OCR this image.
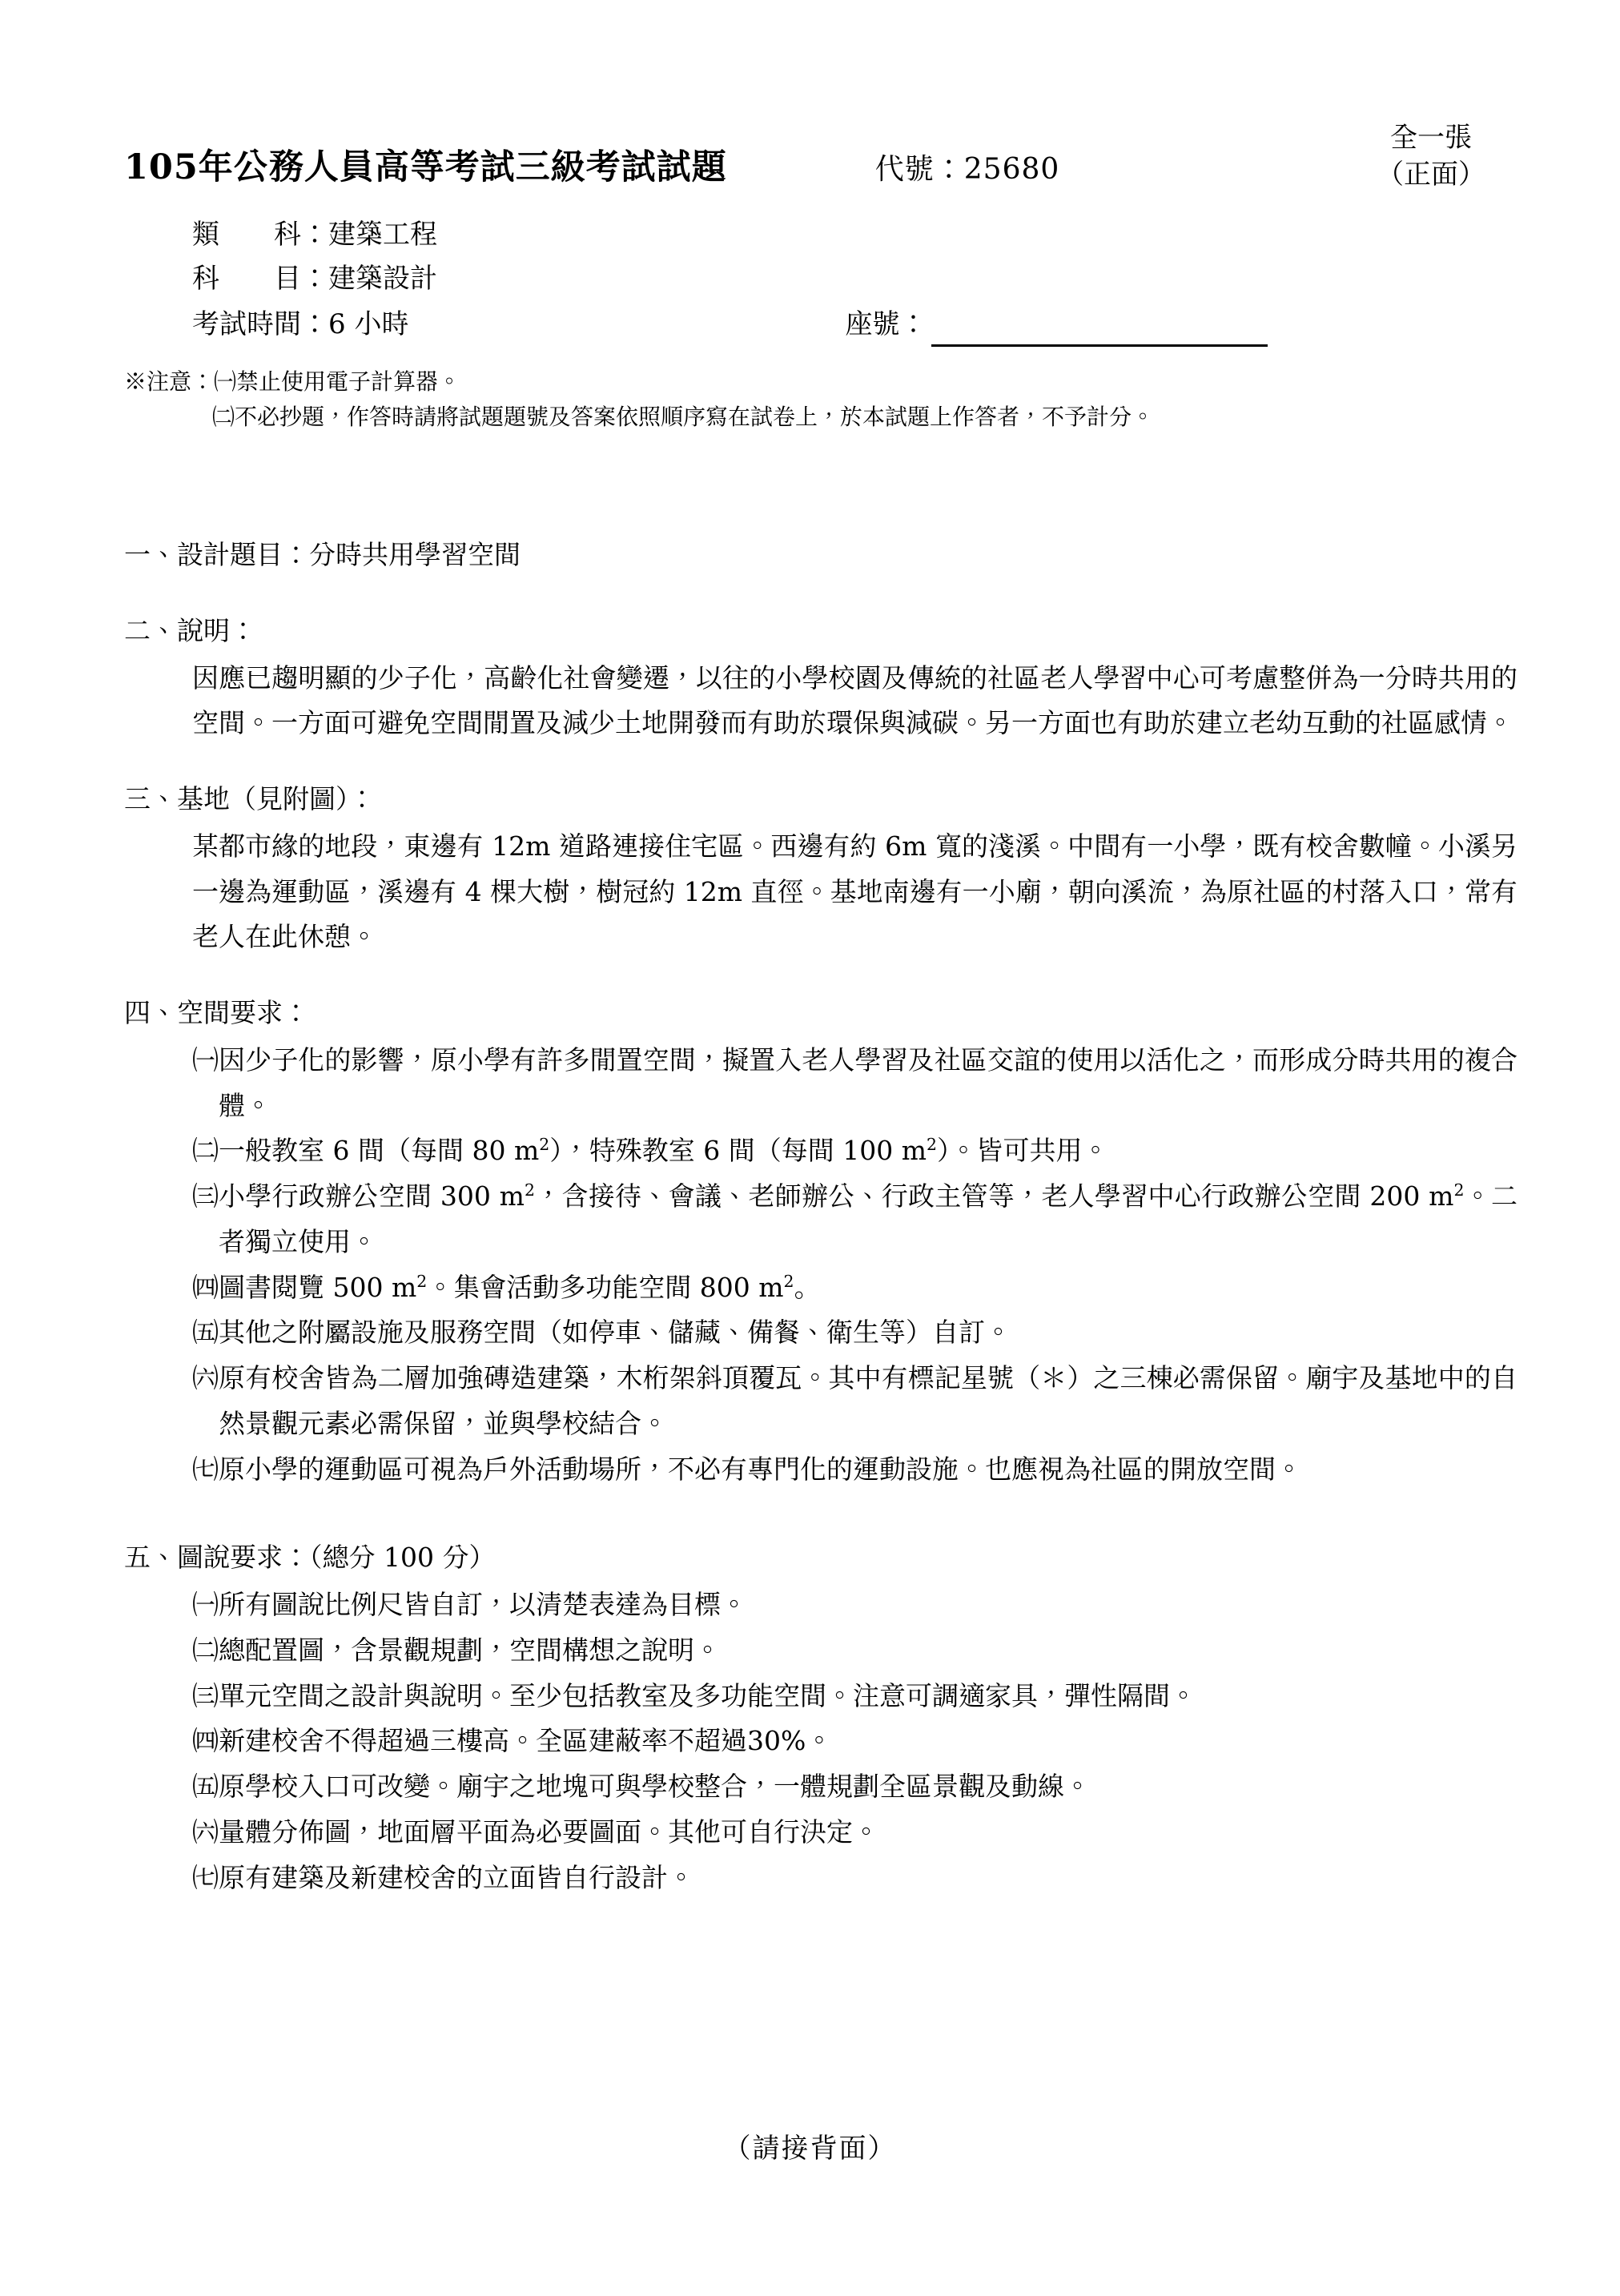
105年公務人員高等考試三級考試試題	代號：25680
全一張
（正面）
類　　科： 建築工程
科　　目： 建築設計
考試時間： 6 小時	座號：
※注意：㈠禁止使用電子計算器。
㈡不必抄題，作答時請將試題題號及答案依照順序寫在試卷上，於本試題上作答者，不予計分。
一、設計題目：分時共用學習空間
二、說明：

因應已趨明顯的少子化，高齡化社會變遷，以往的小學校園及傳統的社區老人學習中心可考慮整併為一分時共用的空間。一方面可避免空間閒置及減少土地開發而有助於環保與減碳。另一方面也有助於建立老幼互動的社區感情。

三、基地（見附圖）：

某都市緣的地段，東邊有 12m 道路連接住宅區。西邊有約 6m 寬的淺溪。中間有一小學，既有校舍數幢。小溪另一邊為運動區，溪邊有 4 棵大樹，樹冠約 12m 直徑。基地南邊有一小廟，朝向溪流，為原社區的村落入口，常有老人在此休憩。

四、空間要求：
㈠ 因少子化的影響，原小學有許多閒置空間，擬置入老人學習及社區交誼的使用以活化之，而形成分時共用的複合體。
㈡ 一般教室 6 間（每間 80 $m^2$），特殊教室 6 間（每間 100 $m^2$）。皆可共用。
㈢ 小學行政辦公空間 300 $m^2$，含接待、會議、老師辦公、行政主管等，老人學習中心行政辦公空間 200 $m^2$。二者獨立使用。
㈣ 圖書閱覽 500 $m^2$。集會活動多功能空間 800 $m^2$。
㈤ 其他之附屬設施及服務空間（如停車、儲藏、備餐、衛生等）自訂。
㈥ 原有校舍皆為二層加強磚造建築，木桁架斜頂覆瓦。其中有標記星號（＊）之三棟必需保留。廟宇及基地中的自然景觀元素必需保留，並與學校結合。
㈦ 原小學的運動區可視為戶外活動場所，不必有專門化的運動設施。也應視為社區的開放空間。
五、圖說要求：（總分 100 分）
㈠ 所有圖說比例尺皆自訂，以清楚表達為目標。
㈡ 總配置圖，含景觀規劃，空間構想之說明。
㈢ 單元空間之設計與說明。至少包括教室及多功能空間。注意可調適家具，彈性隔間。
㈣ 新建校舍不得超過三樓高。全區建蔽率不超過30%。
㈤ 原學校入口可改變。廟宇之地塊可與學校整合，一體規劃全區景觀及動線。
㈥ 量體分佈圖，地面層平面為必要圖面。其他可自行決定。
㈦ 原有建築及新建校舍的立面皆自行設計。
（請接背面）
